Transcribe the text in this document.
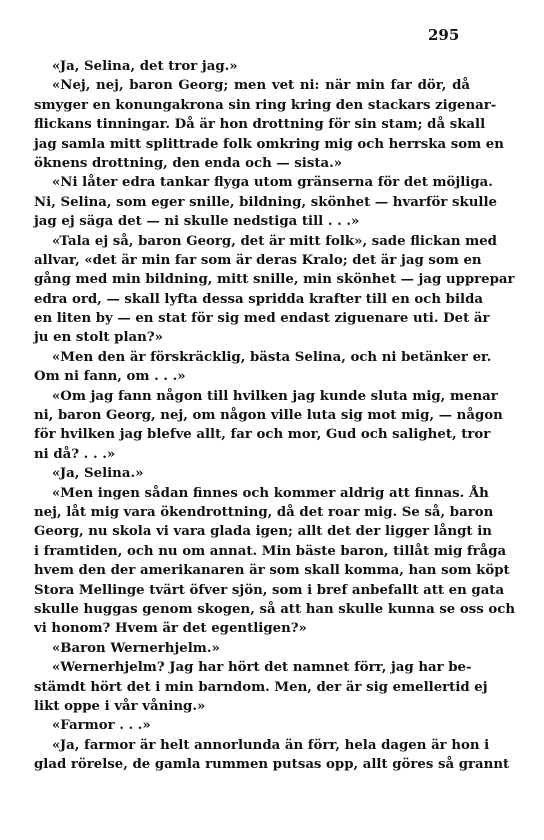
295
«Ja, Selina, det tror jag.»
«Nej, nej, baron Georg; men vet ni: när min far dör, då
smyger en konungakrona sin ring kring den stackars zigenar-
flickans tinningar. Då är hon drottning för sin stam; då skall
jag samla mitt splittrade folk omkring mig och herrska som en
öknens drottning, den enda och — sista.»
«Ni låter edra tankar flyga utom gränserna för det möjliga.
Ni, Selina, som eger snille, bildning, skönhet — hvarför skulle
jag ej säga det — ni skulle nedstiga till . . .»
«Tala ej så, baron Georg, det är mitt folk», sade flickan med
allvar, «det är min far som är deras Kralo; det är jag som en
gång med min bildning, mitt snille, min skönhet — jag upprepar
edra ord, — skall lyfta dessa spridda krafter till en och bilda
en liten by — en stat för sig med endast ziguenare uti. Det är
ju en stolt plan?»
«Men den är förskräcklig, bästa Selina, och ni betänker er.
Om ni fann, om . . .»
«Om jag fann någon till hvilken jag kunde sluta mig, menar
ni, baron Georg, nej, om någon ville luta sig mot mig, — någon
för hvilken jag blefve allt, far och mor, Gud och salighet, tror
ni då? . . .»
«Ja, Selina.»
«Men ingen sådan finnes och kommer aldrig att finnas. Åh
nej, låt mig vara ökendrottning, då det roar mig. Se så, baron
Georg, nu skola vi vara glada igen; allt det der ligger långt in
i framtiden, och nu om annat. Min bäste baron, tillåt mig fråga
hvem den der amerikanaren är som skall komma, han som köpt
Stora Mellinge tvärt öfver sjön, som i bref anbefallt att en gata
skulle huggas genom skogen, så att han skulle kunna se oss och
vi honom? Hvem är det egentligen?»
«Baron Wernerhjelm.»
«Wernerhjelm? Jag har hört det namnet förr, jag har be-
stämdt hört det i min barndom. Men, der är sig emellertid ej
likt oppe i vår våning.»
«Farmor . . .»
«Ja, farmor är helt annorlunda än förr, hela dagen är hon i
glad rörelse, de gamla rummen putsas opp, allt göres så grannt
